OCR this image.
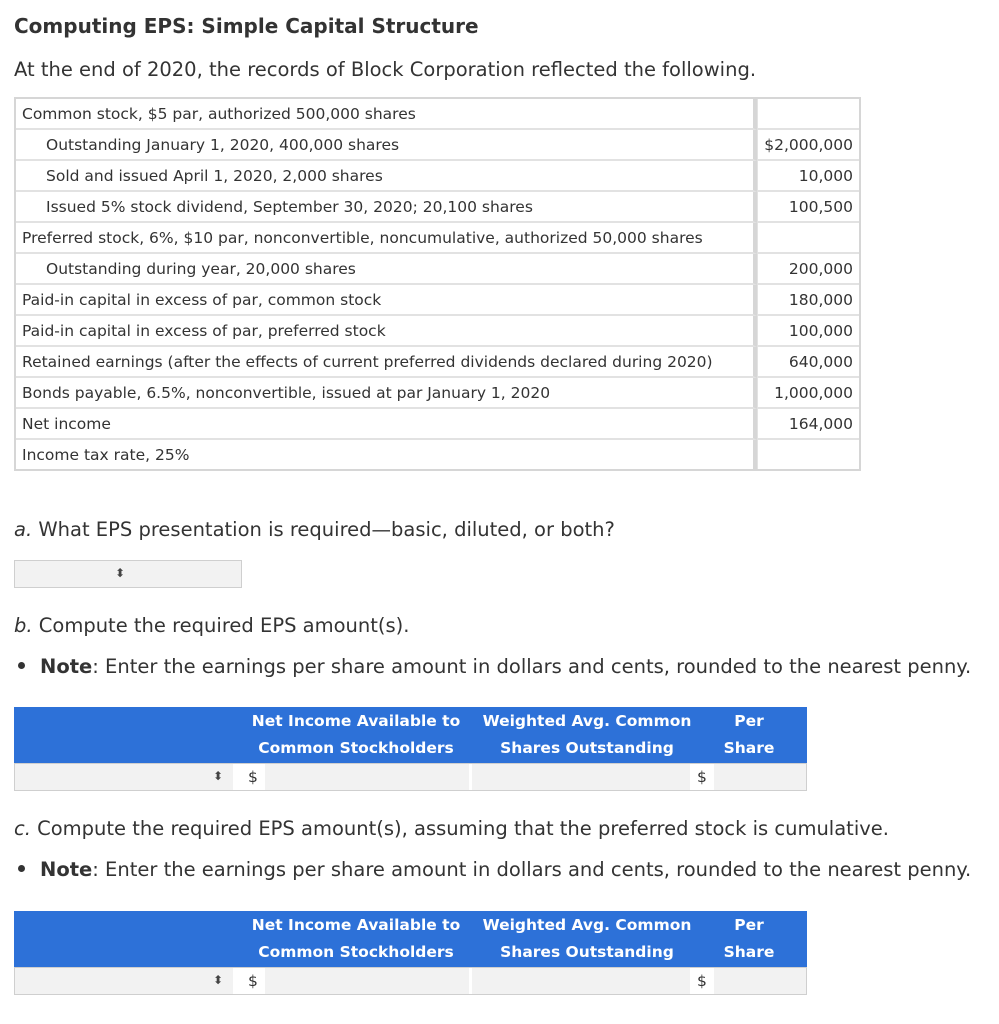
Computing EPS: Simple Capital Structure
At the end of 2020, the records of Block Corporation reflected the following.
Common stock, $5 par, authorized 500,000 shares	
Outstanding January 1, 2020, 400,000 shares	$2,000,000
Sold and issued April 1, 2020, 2,000 shares	10,000
Issued 5% stock dividend, September 30, 2020; 20,100 shares	100,500
Preferred stock, 6%, $10 par, nonconvertible, noncumulative, authorized 50,000 shares	
Outstanding during year, 20,000 shares	200,000
Paid-in capital in excess of par, common stock	180,000
Paid-in capital in excess of par, preferred stock	100,000
Retained earnings (after the effects of current preferred dividends declared during 2020)	640,000
Bonds payable, 6.5%, nonconvertible, issued at par January 1, 2020	1,000,000
Net income	164,000
Income tax rate, 25%	
a. What EPS presentation is required—basic, diluted, or both?
⬍
b. Compute the required EPS amount(s).
Note: Enter the earnings per share amount in dollars and cents, rounded to the nearest penny.
Net Income Available to
Common Stockholders
Weighted Avg. Common
Shares Outstanding
Per
Share
⬍ $	$
c. Compute the required EPS amount(s), assuming that the preferred stock is cumulative.
Note: Enter the earnings per share amount in dollars and cents, rounded to the nearest penny.
Net Income Available to
Common Stockholders
Weighted Avg. Common
Shares Outstanding
Per
Share
⬍ $	$
